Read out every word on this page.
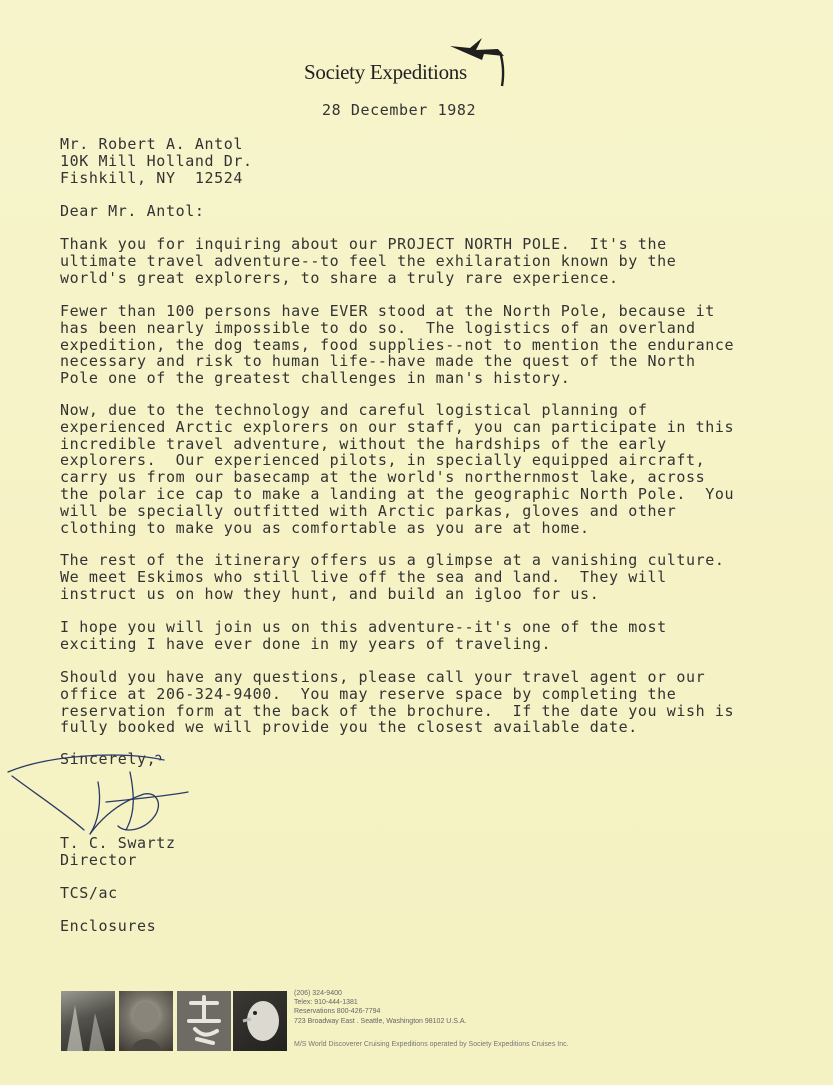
Society Expeditions
28 December 1982
Mr. Robert A. Antol
10K Mill Holland Dr.
Fishkill, NY  12524
Dear Mr. Antol:
Thank you for inquiring about our PROJECT NORTH POLE.  It's the
ultimate travel adventure--to feel the exhilaration known by the
world's great explorers, to share a truly rare experience.
Fewer than 100 persons have EVER stood at the North Pole, because it
has been nearly impossible to do so.  The logistics of an overland
expedition, the dog teams, food supplies--not to mention the endurance
necessary and risk to human life--have made the quest of the North
Pole one of the greatest challenges in man's history.
Now, due to the technology and careful logistical planning of
experienced Arctic explorers on our staff, you can participate in this
incredible travel adventure, without the hardships of the early
explorers.  Our experienced pilots, in specially equipped aircraft,
carry us from our basecamp at the world's northernmost lake, across
the polar ice cap to make a landing at the geographic North Pole.  You
will be specially outfitted with Arctic parkas, gloves and other
clothing to make you as comfortable as you are at home.
The rest of the itinerary offers us a glimpse at a vanishing culture.
We meet Eskimos who still live off the sea and land.  They will
instruct us on how they hunt, and build an igloo for us.
I hope you will join us on this adventure--it's one of the most
exciting I have ever done in my years of traveling.
Should you have any questions, please call your travel agent or our
office at 206-324-9400.  You may reserve space by completing the
reservation form at the back of the brochure.  If the date you wish is
fully booked we will provide you the closest available date.
Sincerely,
T. C. Swartz
Director
TCS/ac
Enclosures
(206) 324-9400
Telex: 910-444-1381
Reservations 800-426-7794
723 Broadway East . Seattle, Washington 98102 U.S.A.
M/S World Discoverer Cruising Expeditions operated by Society Expeditions Cruises Inc.
